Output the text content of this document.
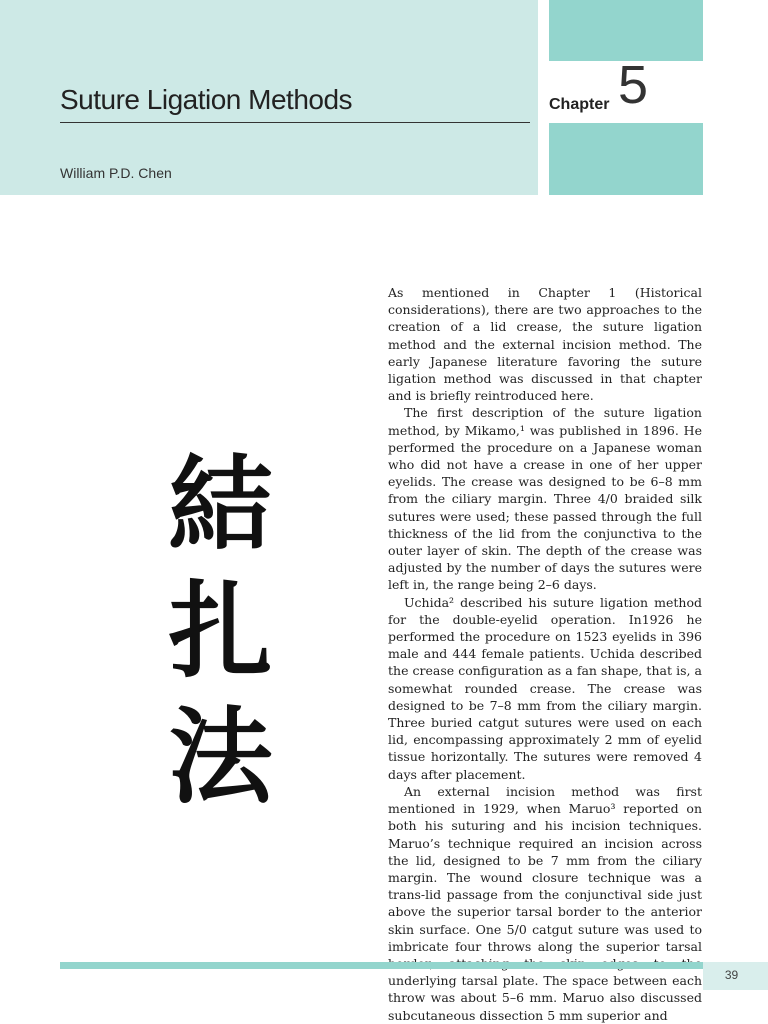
Suture Ligation Methods
William P.D. Chen
Chapter 5
結
扎
法

As mentioned in Chapter 1 (Historical considerations), there are two approaches to the creation of a lid crease, the suture ligation method and the external incision method. The early Japanese literature favoring the suture ligation method was discussed in that chapter and is briefly reintroduced here.

The first description of the suture ligation method, by Mikamo,¹ was published in 1896. He performed the procedure on a Japanese woman who did not have a crease in one of her upper eyelids. The crease was designed to be 6–8 mm from the ciliary margin. Three 4/0 braided silk sutures were used; these passed through the full thickness of the lid from the conjunctiva to the outer layer of skin. The depth of the crease was adjusted by the number of days the sutures were left in, the range being 2–6 days.

Uchida² described his suture ligation method for the double-eyelid operation. In1926 he performed the procedure on 1523 eyelids in 396 male and 444 female patients. Uchida described the crease configuration as a fan shape, that is, a somewhat rounded crease. The crease was designed to be 7–8 mm from the ciliary margin. Three buried catgut sutures were used on each lid, encompassing approximately 2 mm of eyelid tissue horizontally. The sutures were removed 4 days after placement.

An external incision method was first mentioned in 1929, when Maruo³ reported on both his suturing and his incision techniques. Maruo’s technique required an incision across the lid, designed to be 7 mm from the ciliary margin. The wound closure technique was a trans-lid passage from the conjunctival side just above the superior tarsal border to the anterior skin surface. One 5/0 catgut suture was used to imbricate four throws along the superior tarsal underlying tarsal plate. The space between each throw was about 5–6 mm. Maruo also discussed subcutaneous dissection 5 mm superior and

39
